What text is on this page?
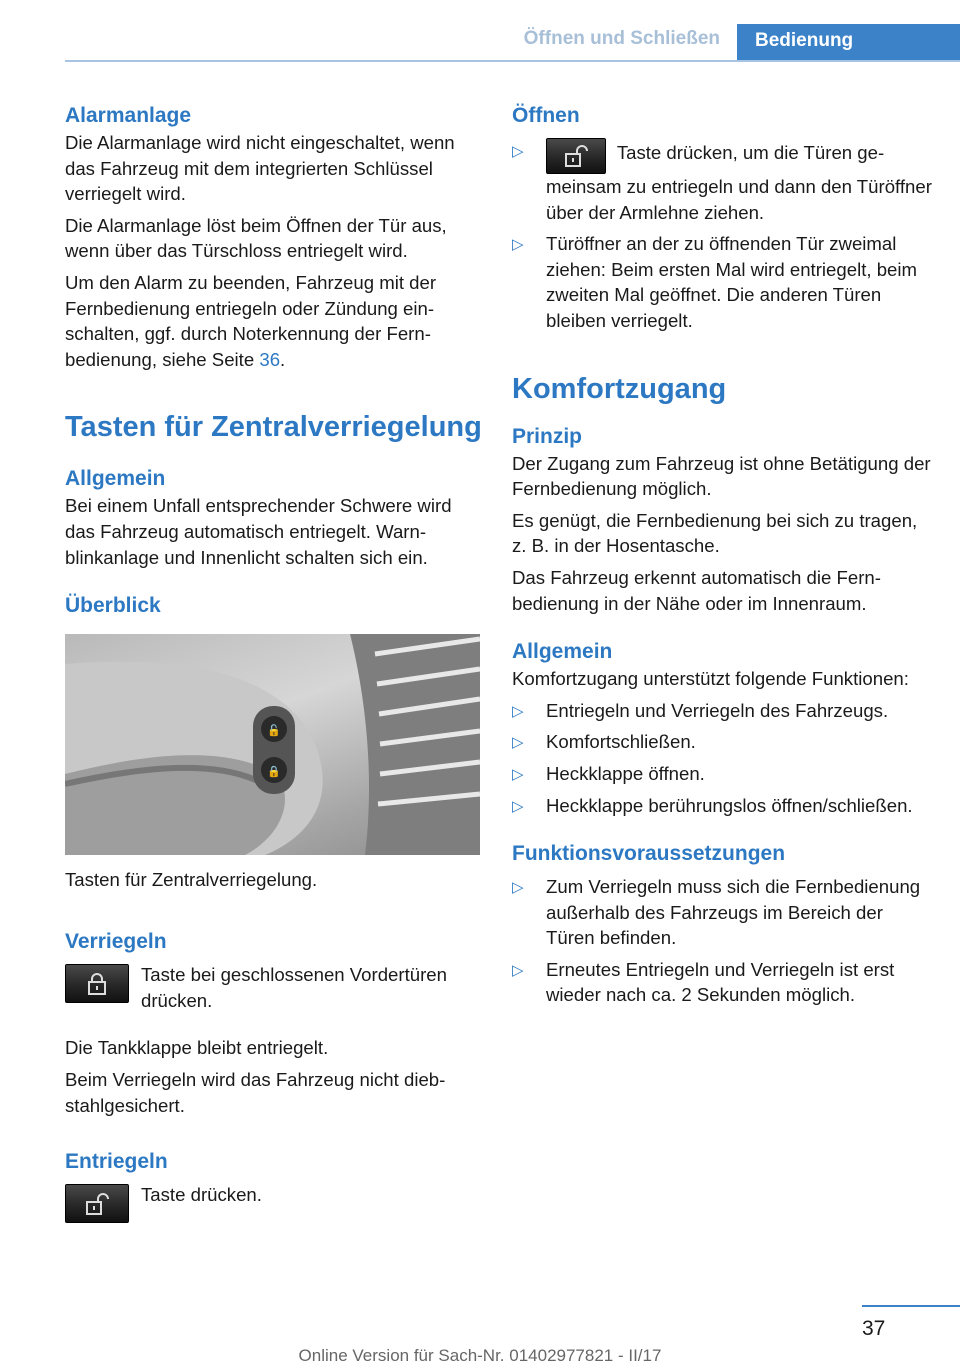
Öffnen und Schließen	Bedienung
Alarmanlage

Die Alarmanlage wird nicht eingeschaltet, wenn das Fahrzeug mit dem integrierten Schlüssel verriegelt wird.

Die Alarmanlage löst beim Öffnen der Tür aus, wenn über das Türschloss entriegelt wird.

Um den Alarm zu beenden, Fahrzeug mit der Fernbedienung entriegeln oder Zündung einschalten, ggf. durch Noterkennung der Fernbedienung, siehe Seite 36.

Tasten für Zentralverriegelung
Allgemein

Bei einem Unfall entsprechender Schwere wird das Fahrzeug automatisch entriegelt. Warnblinkanlage und Innenlicht schalten sich ein.

Überblick
🔓
🔒

Tasten für Zentralverriegelung.

Verriegeln
Taste bei geschlossenen Vordertüren drücken.

Die Tankklappe bleibt entriegelt.

Beim Verriegeln wird das Fahrzeug nicht diebstahlgesichert.

Entriegeln
Taste drücken.
Öffnen
▷	Taste drücken, um die Türen gemeinsam zu entriegeln und dann den Türöffner über der Armlehne ziehen.
▷ Türöffner an der zu öffnenden Tür zweimal ziehen: Beim ersten Mal wird entriegelt, beim zweiten Mal geöffnet. Die anderen Türen bleiben verriegelt.
Komfortzugang
Prinzip

Der Zugang zum Fahrzeug ist ohne Betätigung der Fernbedienung möglich.

Es genügt, die Fernbedienung bei sich zu tragen, z. B. in der Hosentasche.

Das Fahrzeug erkennt automatisch die Fernbedienung in der Nähe oder im Innenraum.

Allgemein

Komfortzugang unterstützt folgende Funktionen:

▷ Entriegeln und Verriegeln des Fahrzeugs.
▷ Komfortschließen.
▷ Heckklappe öffnen.
▷ Heckklappe berührungslos öffnen/schließen.
Funktionsvoraussetzungen
▷ Zum Verriegeln muss sich die Fernbedienung außerhalb des Fahrzeugs im Bereich der Türen befinden.
▷ Erneutes Entriegeln und Verriegeln ist erst wieder nach ca. 2 Sekunden möglich.
37
Online Version für Sach-Nr. 01402977821 - II/17
